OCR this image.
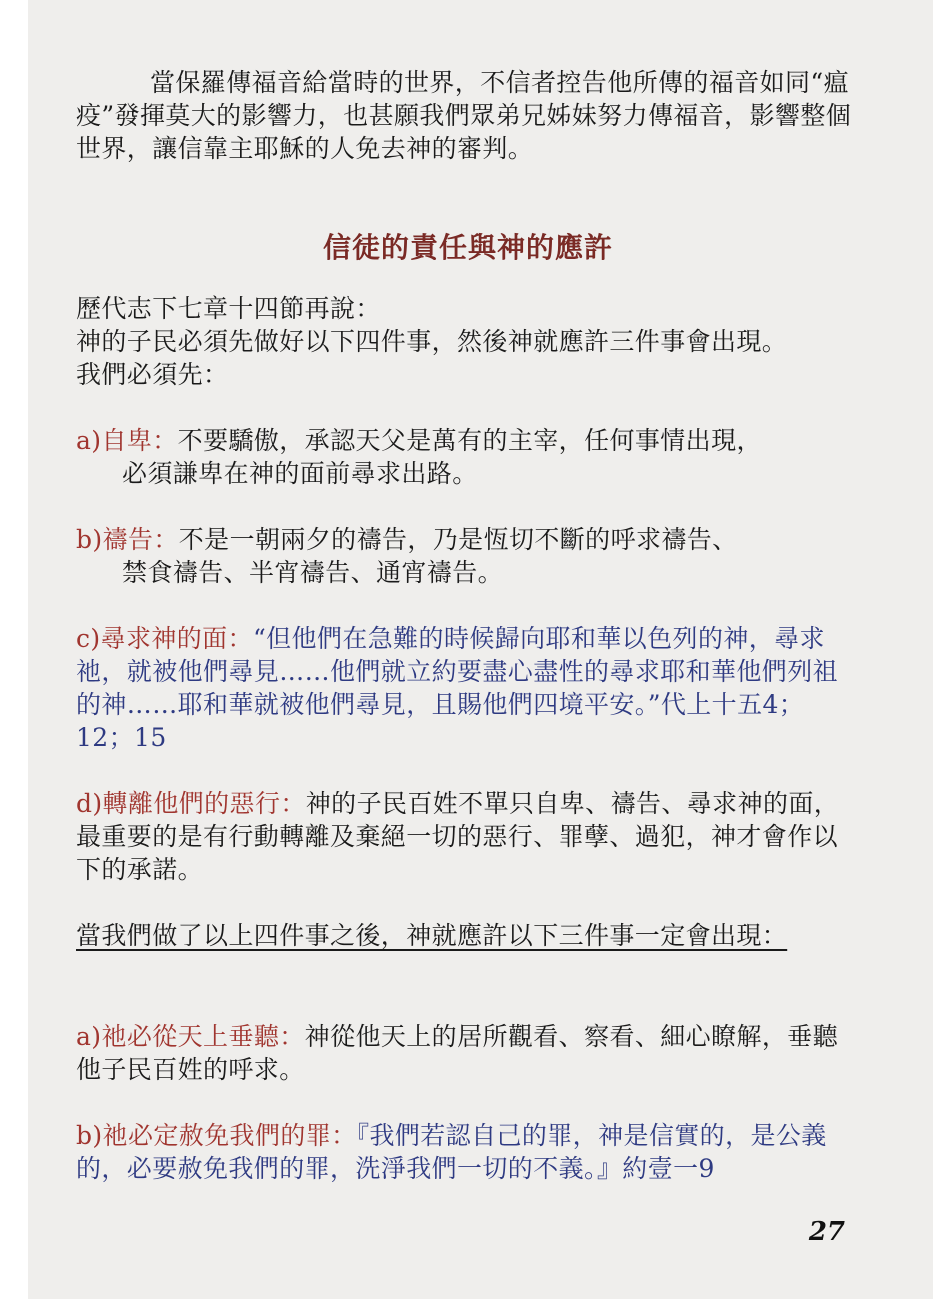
當保羅傳福音給當時的世界，不信者控告他所傳的福音如同“瘟疫”發揮莫大的影響力，也甚願我們眾弟兄姊妹努力傳福音，影響整個世界，讓信靠主耶穌的人免去神的審判。

信徒的責任與神的應許

歷代志下七章十四節再說：

神的子民必須先做好以下四件事，然後神就應許三件事會出現。

我們必須先：

a)自卑：不要驕傲，承認天父是萬有的主宰，任何事情出現，

必須謙卑在神的面前尋求出路。

b)禱告：不是一朝兩夕的禱告，乃是恆切不斷的呼求禱告、

禁食禱告、半宵禱告、通宵禱告。

c)尋求神的面：“但他們在急難的時候歸向耶和華以色列的神，尋求祂，就被他們尋見……他們就立約要盡心盡性的尋求耶和華他們列祖的神……耶和華就被他們尋見，且賜他們四境平安。”代上十五4；12；15

d)轉離他們的惡行：神的子民百姓不單只自卑、禱告、尋求神的面，最重要的是有行動轉離及棄絕一切的惡行、罪孽、過犯，神才會作以下的承諾。

當我們做了以上四件事之後，神就應許以下三件事一定會出現：

a)祂必從天上垂聽：神從他天上的居所觀看、察看、細心瞭解，垂聽他子民百姓的呼求。

b)祂必定赦免我們的罪：『我們若認自己的罪，神是信實的，是公義的，必要赦免我們的罪，洗淨我們一切的不義。』約壹一9

27
